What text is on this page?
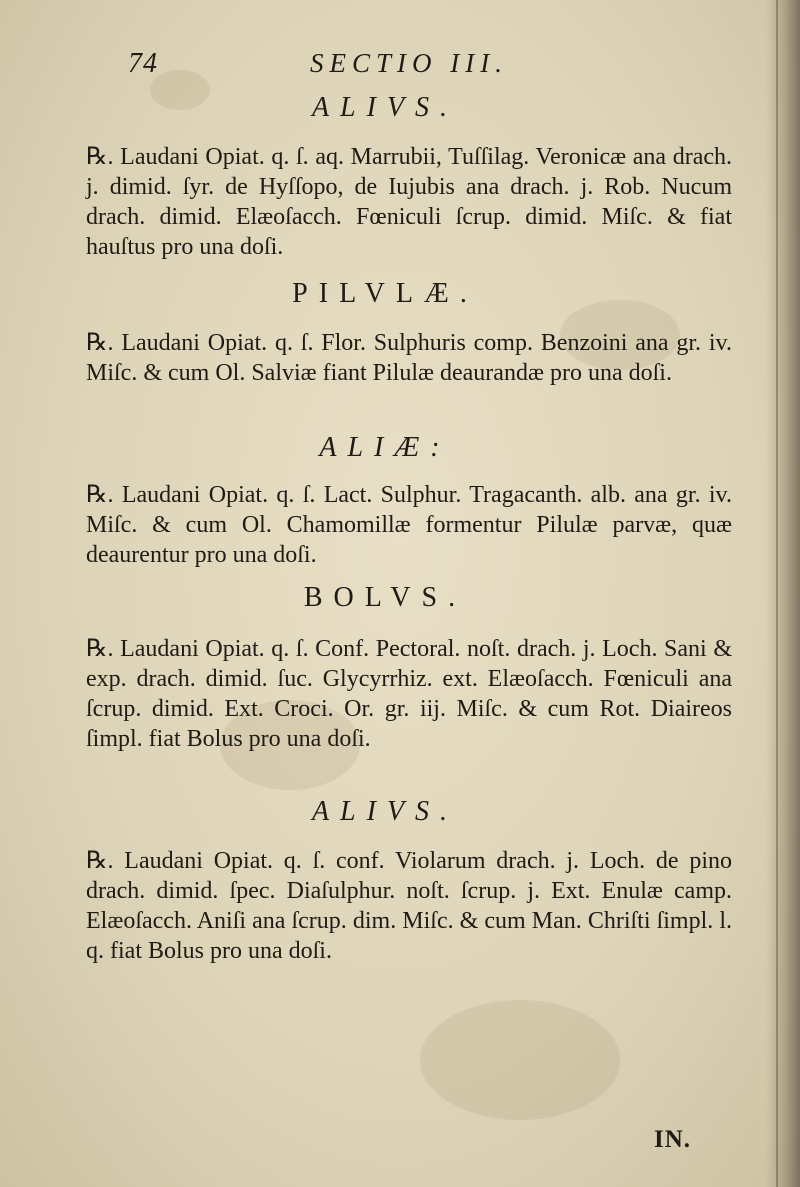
74	SECTIO III.
ALIVS.

℞. Laudani Opiat. q. ſ. aq. Marrubii, Tuſſilag. Veronicæ ana drach. j. dimid. ſyr. de Hyſſopo, de Iujubis ana drach. j. Rob. Nucum drach. dimid. Elæoſacch. Fœniculi ſcrup. dimid. Miſc. & fiat hauſtus pro una doſi.

PILVLÆ.

℞. Laudani Opiat. q. ſ. Flor. Sulphuris comp. Benzoini ana gr. iv. Miſc. & cum Ol. Salviæ fiant Pilulæ deaurandæ pro una doſi.

ALIÆ:

℞. Laudani Opiat. q. ſ. Lact. Sulphur. Tragacanth. alb. ana gr. iv. Miſc. & cum Ol. Chamomillæ formentur Pilulæ parvæ, quæ deaurentur pro una doſi.

BOLVS.

℞. Laudani Opiat. q. ſ. Conf. Pectoral. noſt. drach. j. Loch. Sani & exp. drach. dimid. ſuc. Glycyrrhiz. ext. Elæoſacch. Fœniculi ana ſcrup. dimid. Ext. Croci. Or. gr. iij. Miſc. & cum Rot. Diaireos ſimpl. fiat Bolus pro una doſi.

ALIVS.

℞. Laudani Opiat. q. ſ. conf. Violarum drach. j. Loch. de pino drach. dimid. ſpec. Diaſulphur. noſt. ſcrup. j. Ext. Enulæ camp. Elæoſacch. Aniſi ana ſcrup. dim. Miſc. & cum Man. Chriſti ſimpl. l. q. fiat Bolus pro una doſi.

IN.
